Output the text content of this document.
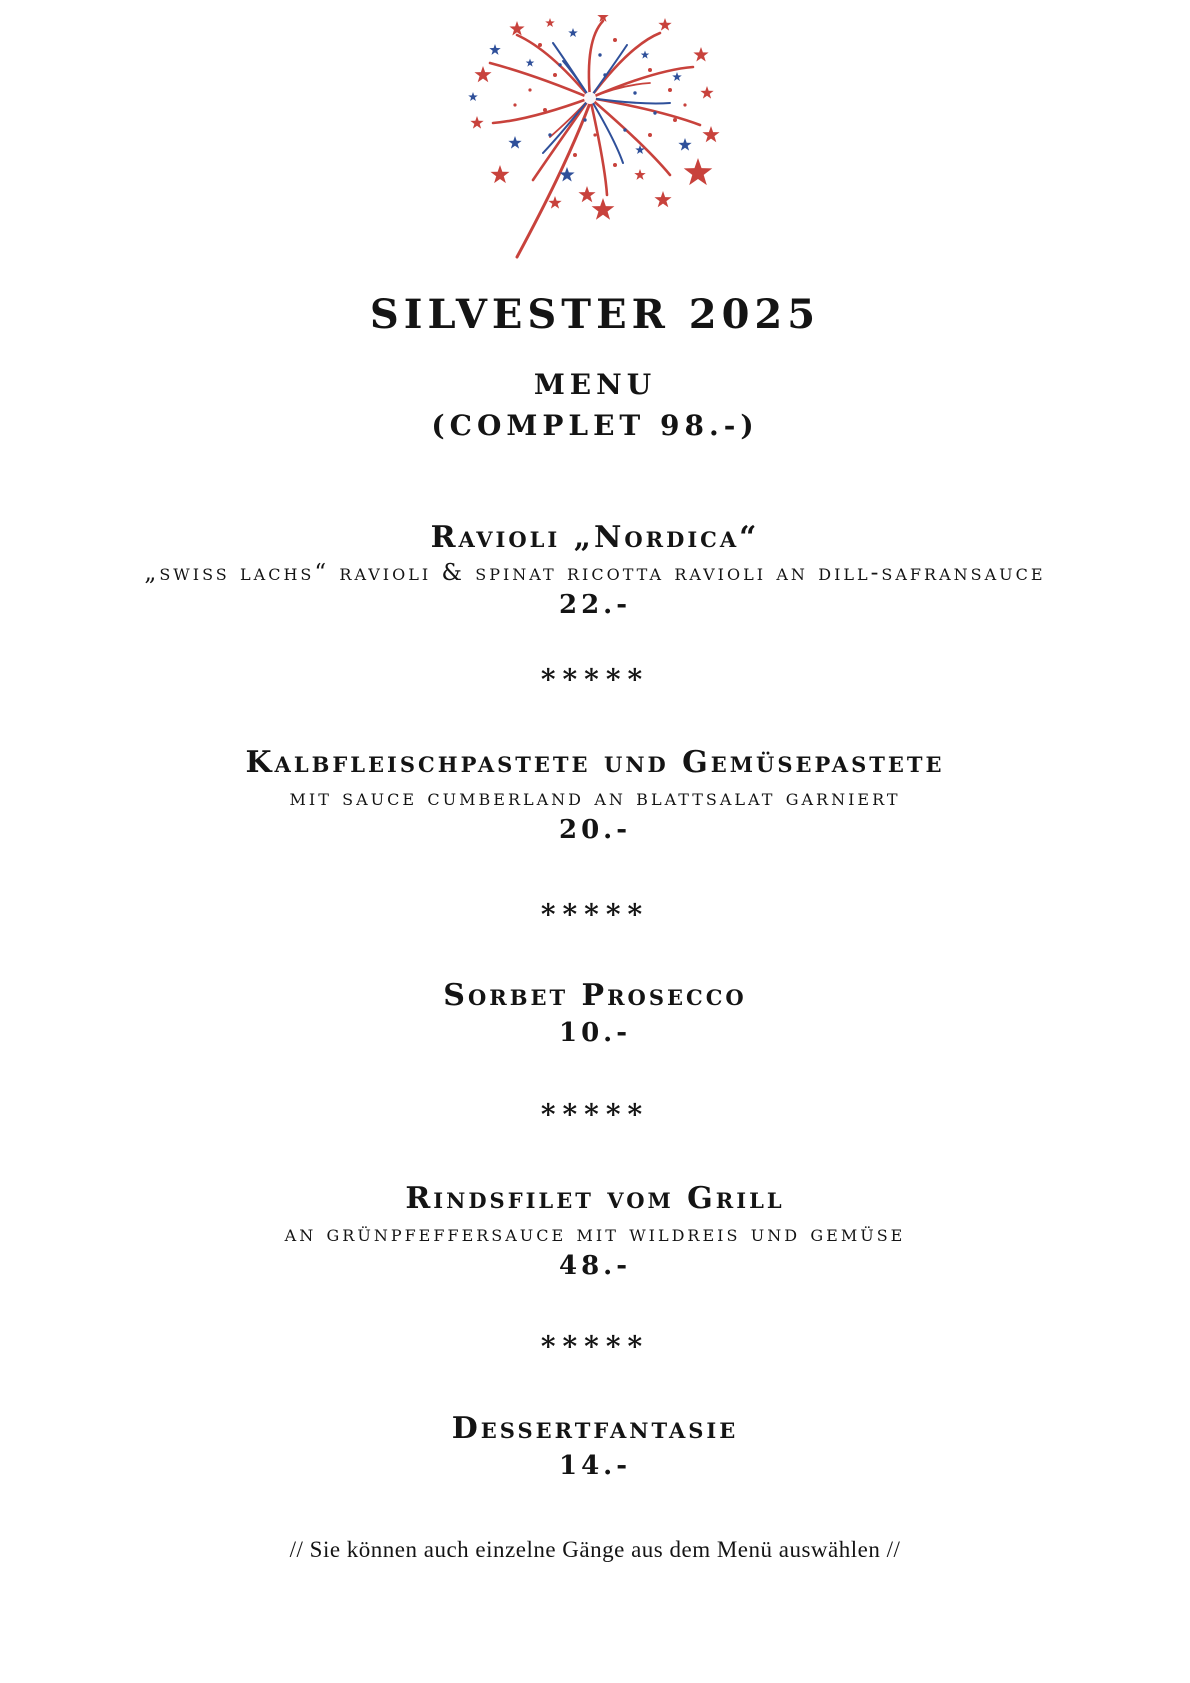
SILVESTER 2025
MENU
(COMPLET 98.-)
Ravioli „Nordica“
„swiss lachs“ ravioli & spinat ricotta ravioli an dill-safransauce
22.-
*****
Kalbfleischpastete und Gemüsepastete
mit sauce cumberland an blattsalat garniert
20.-
*****
Sorbet Prosecco
10.-
*****
Rindsfilet vom Grill
an grünpfeffersauce mit wildreis und gemüse
48.-
*****
Dessertfantasie
14.-
// Sie können auch einzelne Gänge aus dem Menü auswählen //
